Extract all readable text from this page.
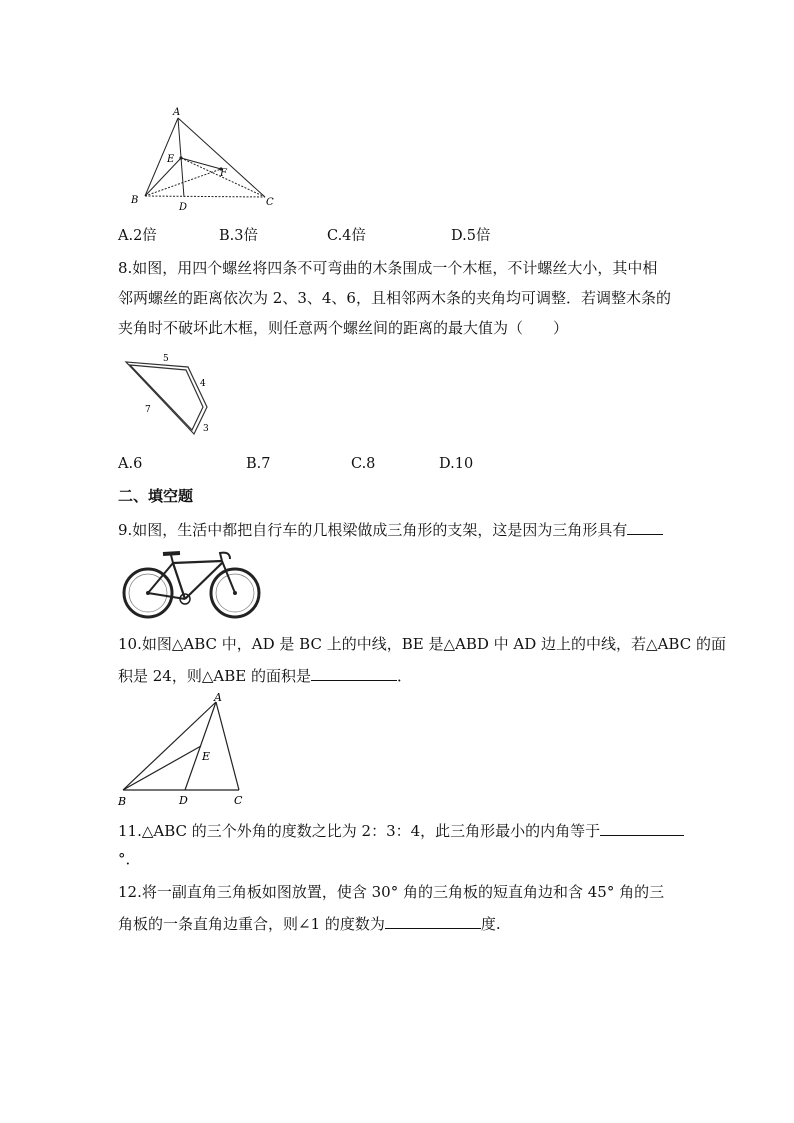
A
E
F
B
D	C
A.2倍	B.3倍	C.4倍	D.5倍
8.如图，用四个螺丝将四条不可弯曲的木条围成一个木框，不计螺丝大小，其中相
邻两螺丝的距离依次为 2、3、4、6，且相邻两木条的夹角均可调整．若调整木条的
夹角时不破坏此木框，则任意两个螺丝间的距离的最大值为（　　）
5
4
7
3
A.6	B.7	C.8	D.10
二、填空题
9.如图，生活中都把自行车的几根梁做成三角形的支架，这是因为三角形具有
10.如图△ABC 中，AD 是 BC 上的中线，BE 是△ABD 中 AD 边上的中线，若△ABC 的面
积是 24，则△ABE 的面积是	．
A
E
B	D	C
11.△ABC 的三个外角的度数之比为 2：3：4，此三角形最小的内角等于
°．
12.将一副直角三角板如图放置，使含 30° 角的三角板的短直角边和含 45° 角的三
角板的一条直角边重合，则∠1 的度数为	度.
